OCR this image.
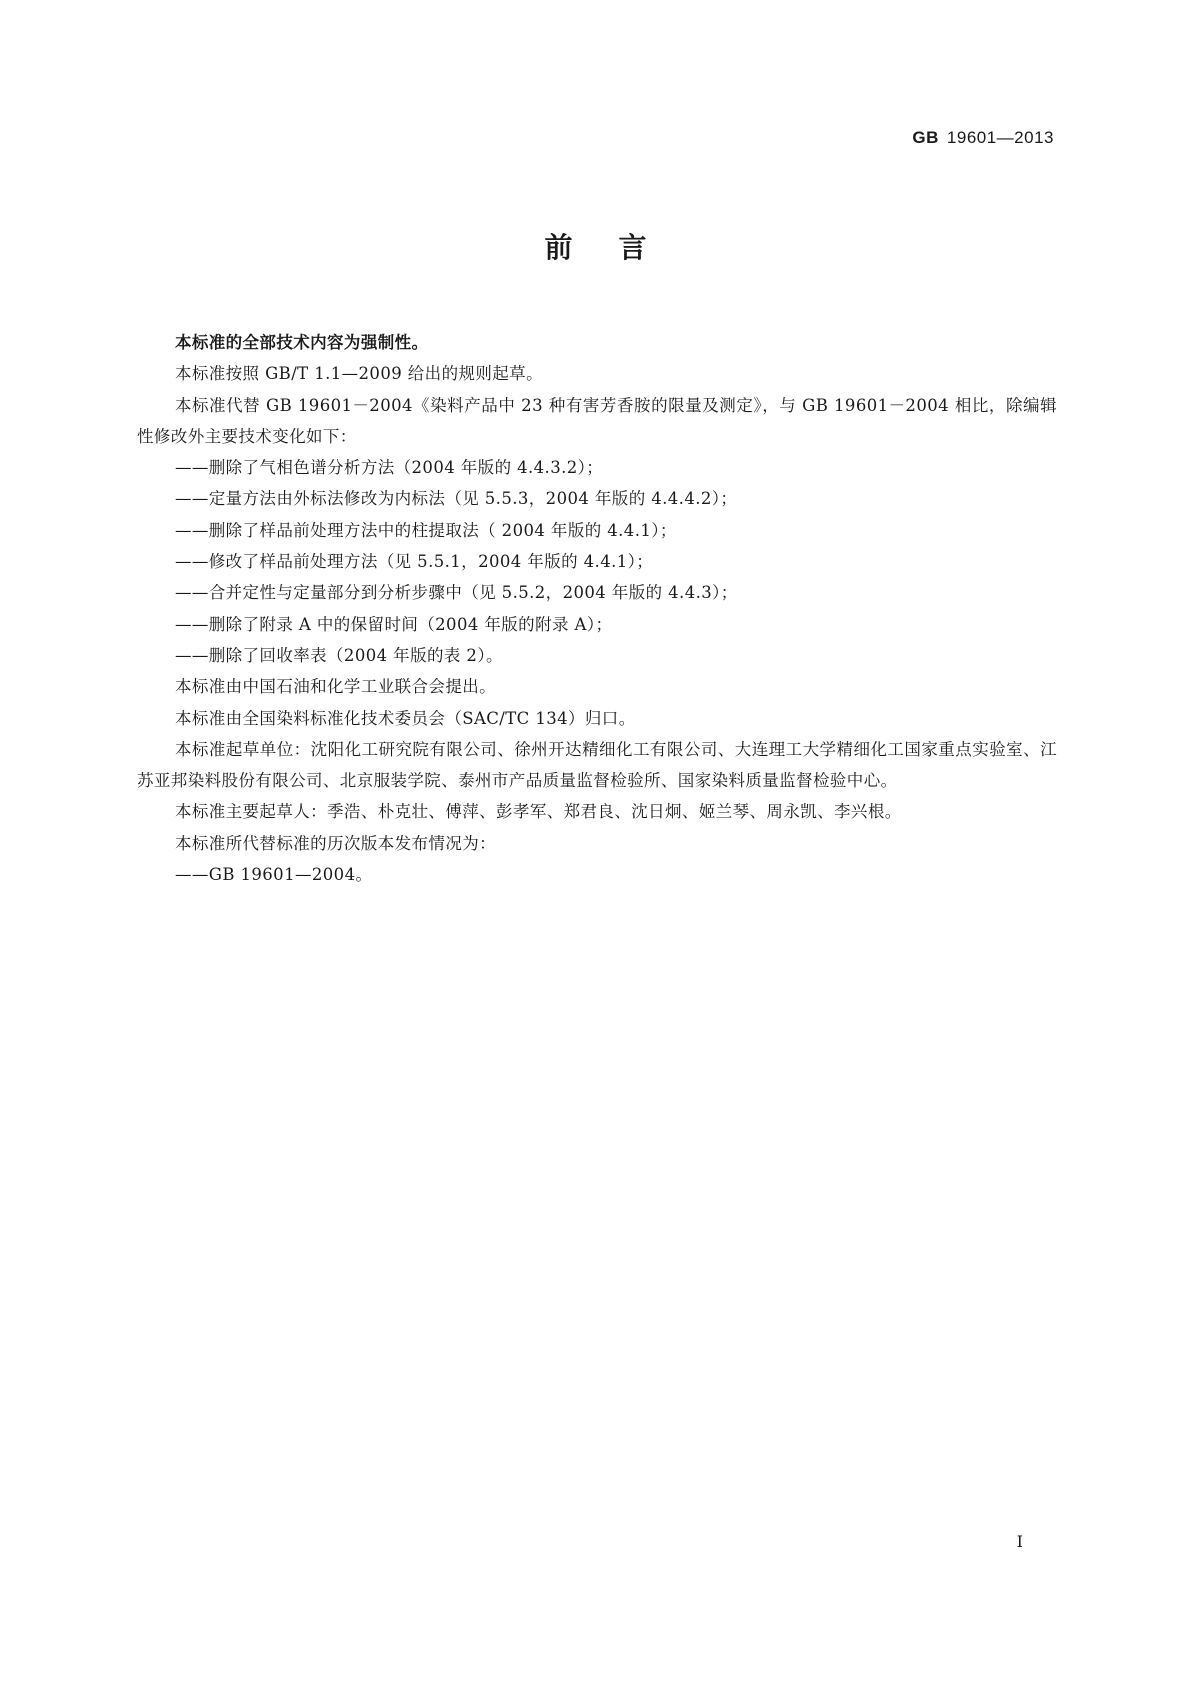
GB 19601—2013
前言

本标准的全部技术内容为强制性。

本标准按照 GB/T 1.1—2009 给出的规则起草。

本标准代替 GB 19601－2004《染料产品中 23 种有害芳香胺的限量及测定》，与 GB 19601－2004 相比，除编辑性修改外主要技术变化如下：

——删除了气相色谱分析方法（2004 年版的 4.4.3.2）；

——定量方法由外标法修改为内标法（见 5.5.3，2004 年版的 4.4.4.2）；

——删除了样品前处理方法中的柱提取法（ 2004 年版的 4.4.1）；

——修改了样品前处理方法（见 5.5.1，2004 年版的 4.4.1）；

——合并定性与定量部分到分析步骤中（见 5.5.2，2004 年版的 4.4.3）；

——删除了附录 A 中的保留时间（2004 年版的附录 A）；

——删除了回收率表（2004 年版的表 2）。

本标准由中国石油和化学工业联合会提出。

本标准由全国染料标准化技术委员会（SAC/TC 134）归口。

本标准起草单位：沈阳化工研究院有限公司、徐州开达精细化工有限公司、大连理工大学精细化工国家重点实验室、江苏亚邦染料股份有限公司、北京服装学院、泰州市产品质量监督检验所、国家染料质量监督检验中心。

本标准主要起草人：季浩、朴克壮、傅萍、彭孝军、郑君良、沈日炯、姬兰琴、周永凯、李兴根。

本标准所代替标准的历次版本发布情况为：

——GB 19601—2004。

I
